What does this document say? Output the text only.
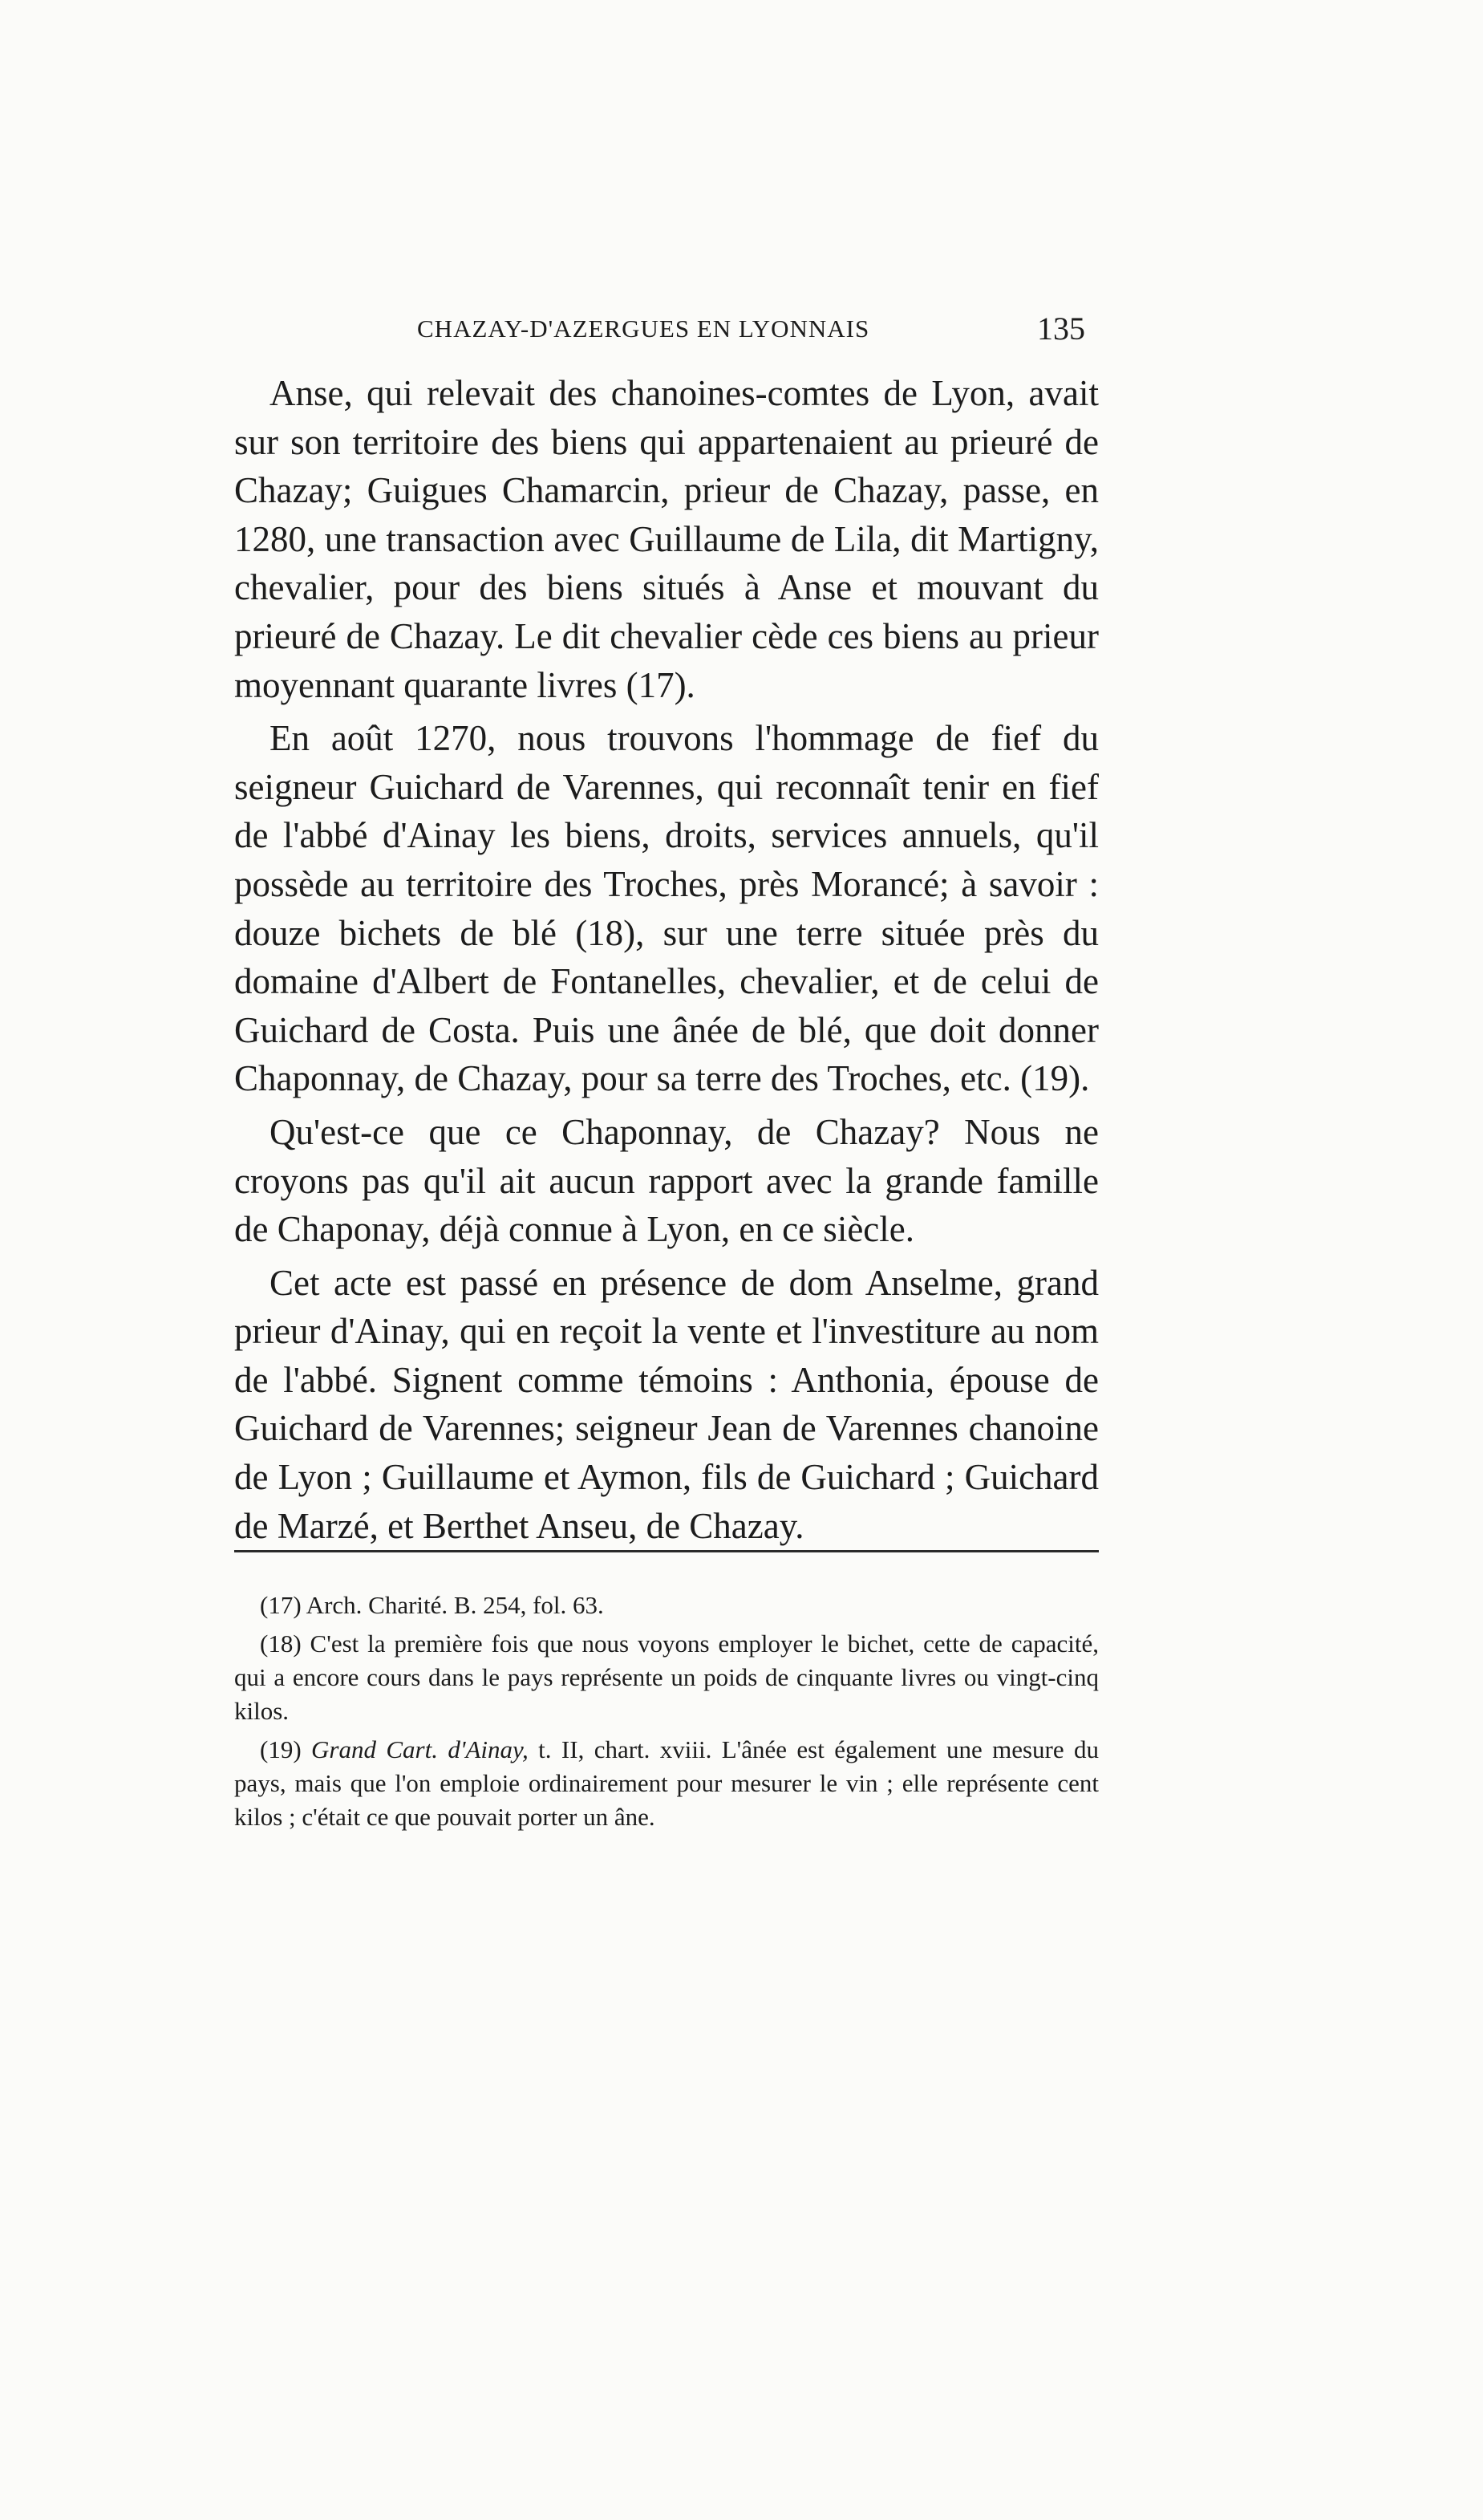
CHAZAY-D'AZERGUES EN LYONNAIS	135

Anse, qui relevait des chanoines-comtes de Lyon, avait sur son territoire des biens qui appartenaient au prieuré de Chazay; Guigues Chamarcin, prieur de Chazay, passe, en 1280, une transaction avec Guillaume de Lila, dit Martigny, chevalier, pour des biens situés à Anse et mouvant du prieuré de Chazay. Le dit chevalier cède ces biens au prieur moyennant quarante livres (17).

En août 1270, nous trouvons l'hommage de fief du seigneur Guichard de Varennes, qui reconnaît tenir en fief de l'abbé d'Ainay les biens, droits, services annuels, qu'il possède au territoire des Troches, près Morancé; à savoir : douze bichets de blé (18), sur une terre située près du domaine d'Albert de Fontanelles, chevalier, et de celui de Guichard de Costa. Puis une ânée de blé, que doit donner Chaponnay, de Chazay, pour sa terre des Troches, etc. (19).

Qu'est-ce que ce Chaponnay, de Chazay? Nous ne croyons pas qu'il ait aucun rapport avec la grande famille de Chaponay, déjà connue à Lyon, en ce siècle.

Cet acte est passé en présence de dom Anselme, grand prieur d'Ainay, qui en reçoit la vente et l'investiture au nom de l'abbé. Signent comme témoins : Anthonia, épouse de Guichard de Varennes; seigneur Jean de Varennes chanoine de Lyon ; Guillaume et Aymon, fils de Guichard ; Guichard de Marzé, et Berthet Anseu, de Chazay.

(17) Arch. Charité. B. 254, fol. 63.

(18) C'est la première fois que nous voyons employer le bichet, cette de capacité, qui a encore cours dans le pays représente un poids de cinquante livres ou vingt-cinq kilos.

(19) Grand Cart. d'Ainay, t. II, chart. xviii. L'ânée est également une mesure du pays, mais que l'on emploie ordinairement pour mesurer le vin ; elle représente cent kilos ; c'était ce que pouvait porter un âne.
